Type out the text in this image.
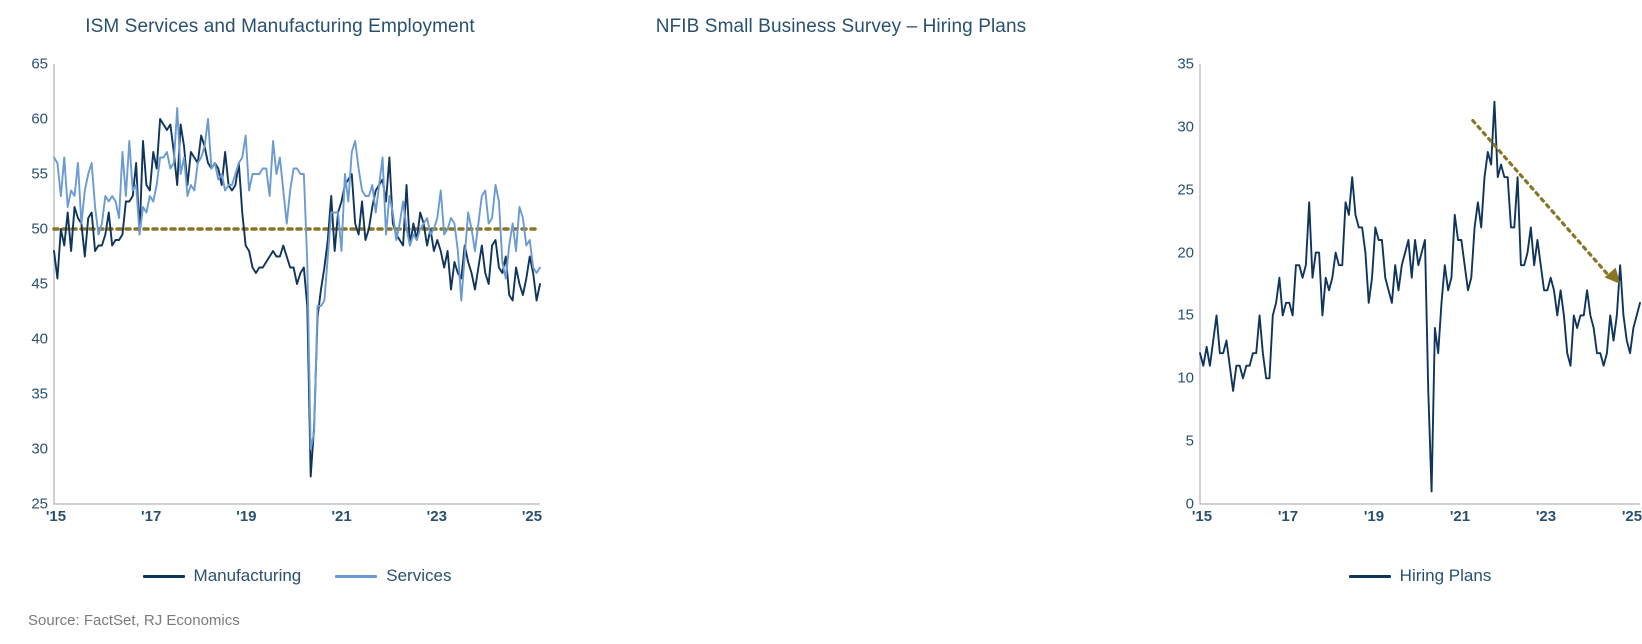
ISM Services and Manufacturing Employment
25
30
35
40
45
50
55
60
65
'15	'17	'19	'21	'23	'25
Manufacturing	Services
NFIB Small Business Survey – Hiring Plans
0
5
10
15
20
25
30
35
'15	'17	'19	'21	'23	'25
Hiring Plans
Source: FactSet, RJ Economics
